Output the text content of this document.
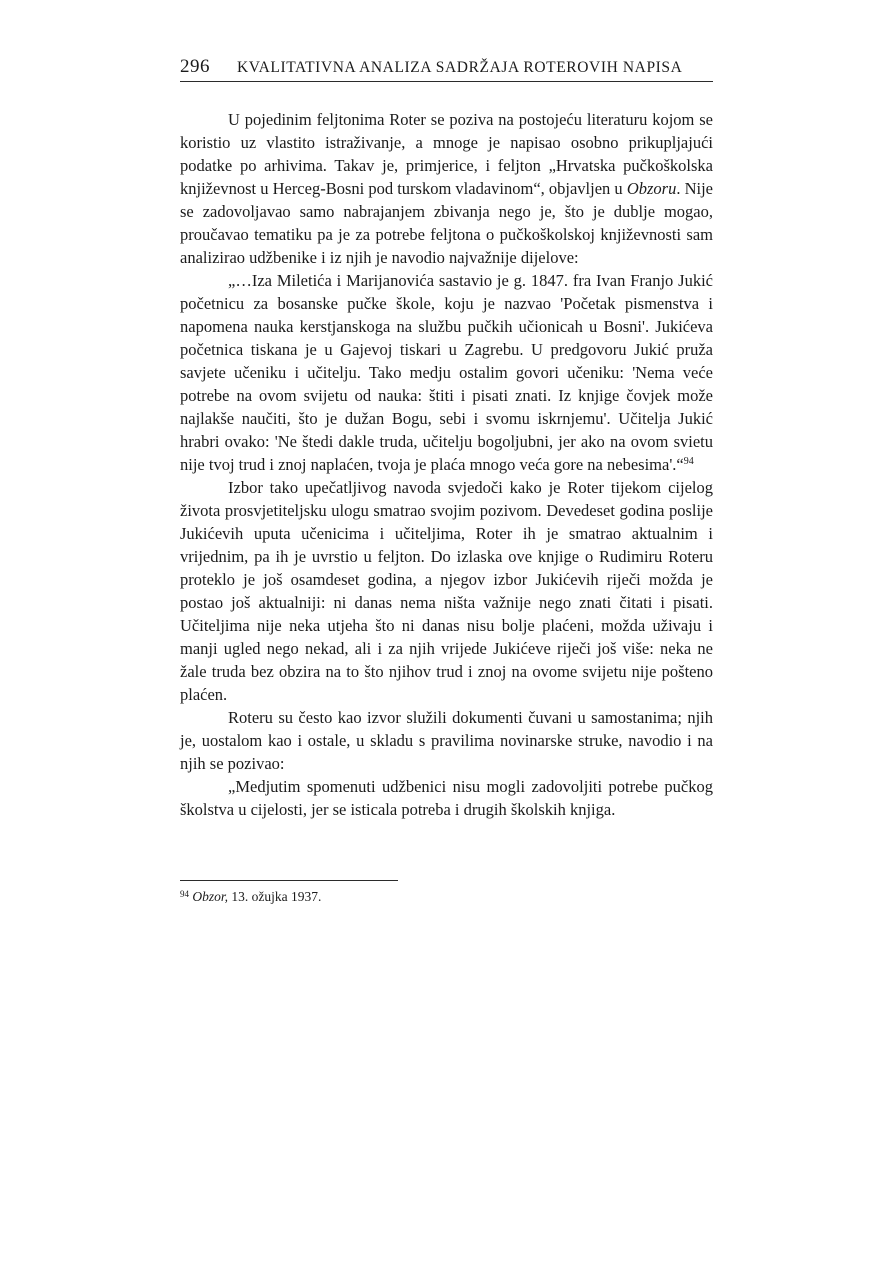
296 KVALITATIVNA ANALIZA SADRŽAJA ROTEROVIH NAPISA

U pojedinim feljtonima Roter se poziva na postojeću literaturu kojom se koristio uz vlastito istraživanje, a mnoge je napisao osobno prikupljajući podatke po arhivima. Takav je, primjerice, i feljton „Hrvatska pučkoškolska književnost u Herceg-Bosni pod turskom vladavinom“, objavljen u Obzoru. Nije se zadovoljavao samo nabrajanjem zbivanja nego je, što je dublje mogao, proučavao tematiku pa je za potrebe feljtona o pučkoškolskoj književnosti sam analizirao udžbenike i iz njih je navodio najvažnije dijelove:

„…Iza Miletića i Marijanovića sastavio je g. 1847. fra Ivan Franjo Jukić početnicu za bosanske pučke škole, koju je nazvao 'Početak pismenstva i napomena nauka kerstjanskoga na službu pučkih učionicah u Bosni'. Jukićeva početnica tiskana je u Gajevoj tiskari u Zagrebu. U predgovoru Jukić pruža savjete učeniku i učitelju. Tako medju ostalim govori učeniku: 'Nema veće potrebe na ovom svijetu od nauka: štiti i pisati znati. Iz knjige čovjek može najlakše naučiti, što je dužan Bogu, sebi i svomu iskrnjemu'. Učitelja Jukić hrabri ovako: 'Ne štedi dakle truda, učitelju bogoljubni, jer ako na ovom svietu nije tvoj trud i znoj naplaćen, tvoja je plaća mnogo veća gore na nebesima'.“$^{94}$

Izbor tako upečatljivog navoda svjedoči kako je Roter tijekom cijelog života prosvjetiteljsku ulogu smatrao svojim pozivom. Devedeset godina poslije Jukićevih uputa učenicima i učiteljima, Roter ih je smatrao aktualnim i vrijednim, pa ih je uvrstio u feljton. Do izlaska ove knjige o Rudimiru Roteru proteklo je još osamdeset godina, a njegov izbor Jukićevih riječi možda je postao još aktualniji: ni danas nema ništa važnije nego znati čitati i pisati. Učiteljima nije neka utjeha što ni danas nisu bolje plaćeni, možda uživaju i manji ugled nego nekad, ali i za njih vrijede Jukićeve riječi još više: neka ne žale truda bez obzira na to što njihov trud i znoj na ovome svijetu nije pošteno plaćen.

Roteru su često kao izvor služili dokumenti čuvani u samostanima; njih je, uostalom kao i ostale, u skladu s pravilima novinarske struke, navodio i na njih se pozivao:

„Medjutim spomenuti udžbenici nisu mogli zadovoljiti potrebe pučkog školstva u cijelosti, jer se isticala potreba i drugih školskih knjiga.

$^{94}$ Obzor, 13. ožujka 1937.
